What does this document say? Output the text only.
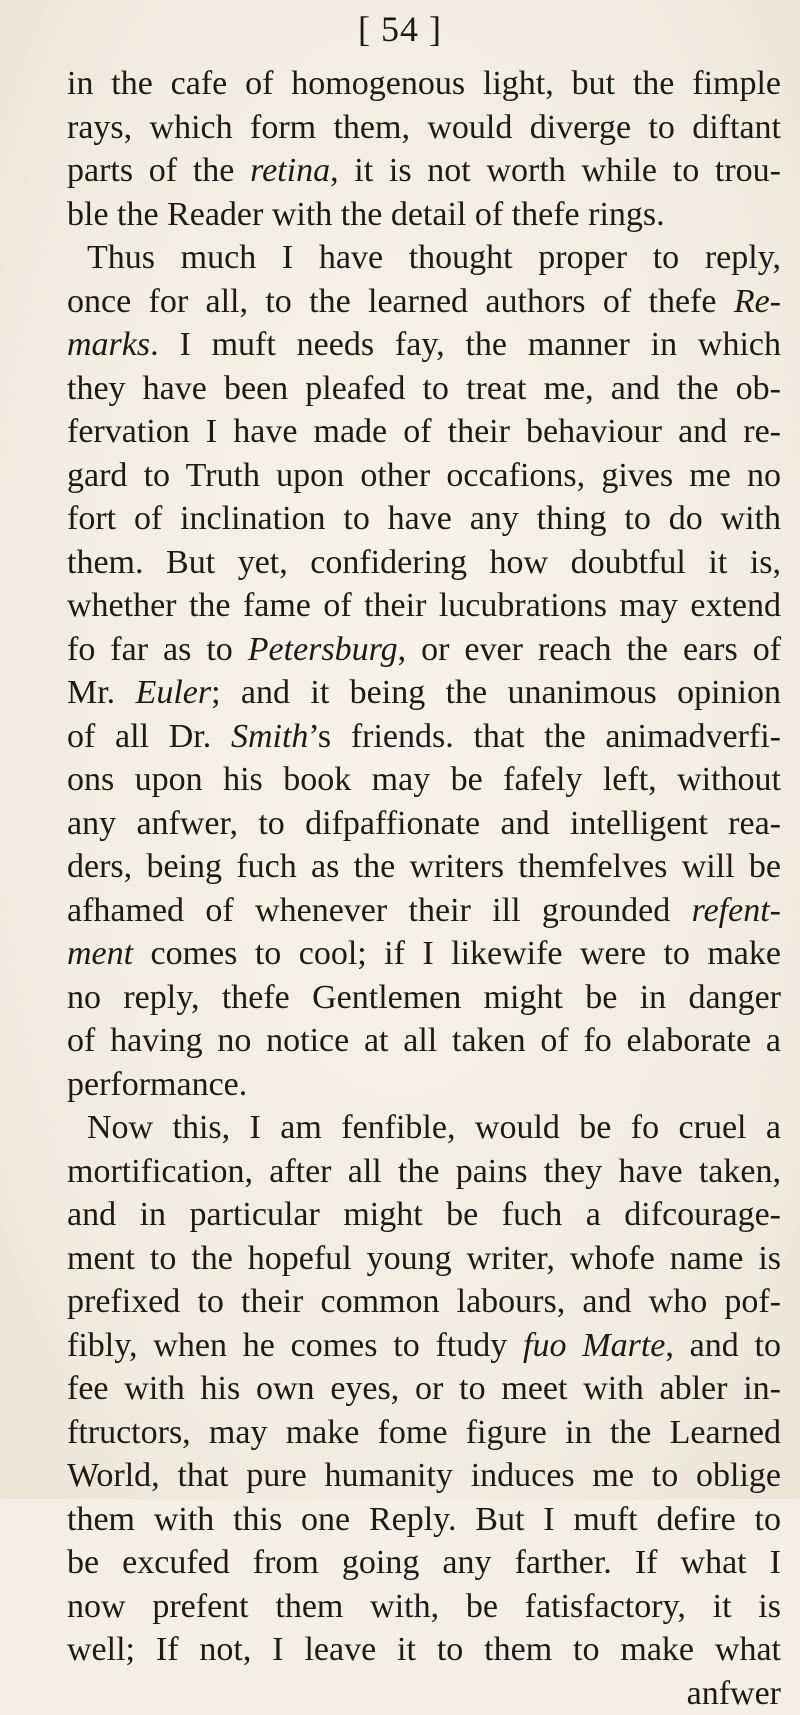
[ 54 ]
in the cafe of homogenous light, but the fimple
rays, which form them, would diverge to diftant
parts of the retina, it is not worth while to trou-
ble the Reader with the detail of thefe rings.
Thus much I have thought proper to reply,
once for all, to the learned authors of thefe Re-
marks. I muft needs fay, the manner in which
they have been pleafed to treat me, and the ob-
fervation I have made of their behaviour and re-
gard to Truth upon other occafions, gives me no
fort of inclination to have any thing to do with
them. But yet, confidering how doubtful it is,
whether the fame of their lucubrations may extend
fo far as to Petersburg, or ever reach the ears of
Mr. Euler; and it being the unanimous opinion
of all Dr. Smith’s friends. that the animadverfi-
ons upon his book may be fafely left, without
any anfwer, to difpaffionate and intelligent rea-
ders, being fuch as the writers themfelves will be
afhamed of whenever their ill grounded refent-
ment comes to cool; if I likewife were to make
no reply, thefe Gentlemen might be in danger
of having no notice at all taken of fo elaborate a
performance.
Now this, I am fenfible, would be fo cruel a
mortification, after all the pains they have taken,
and in particular might be fuch a difcourage-
ment to the hopeful young writer, whofe name is
prefixed to their common labours, and who pof-
fibly, when he comes to ftudy fuo Marte, and to
fee with his own eyes, or to meet with abler in-
ftructors, may make fome figure in the Learned
World, that pure humanity induces me to oblige
them with this one Reply. But I muft defire to
be excufed from going any farther. If what I
now prefent them with, be fatisfactory, it is
well; If not, I leave it to them to make what
anfwer
